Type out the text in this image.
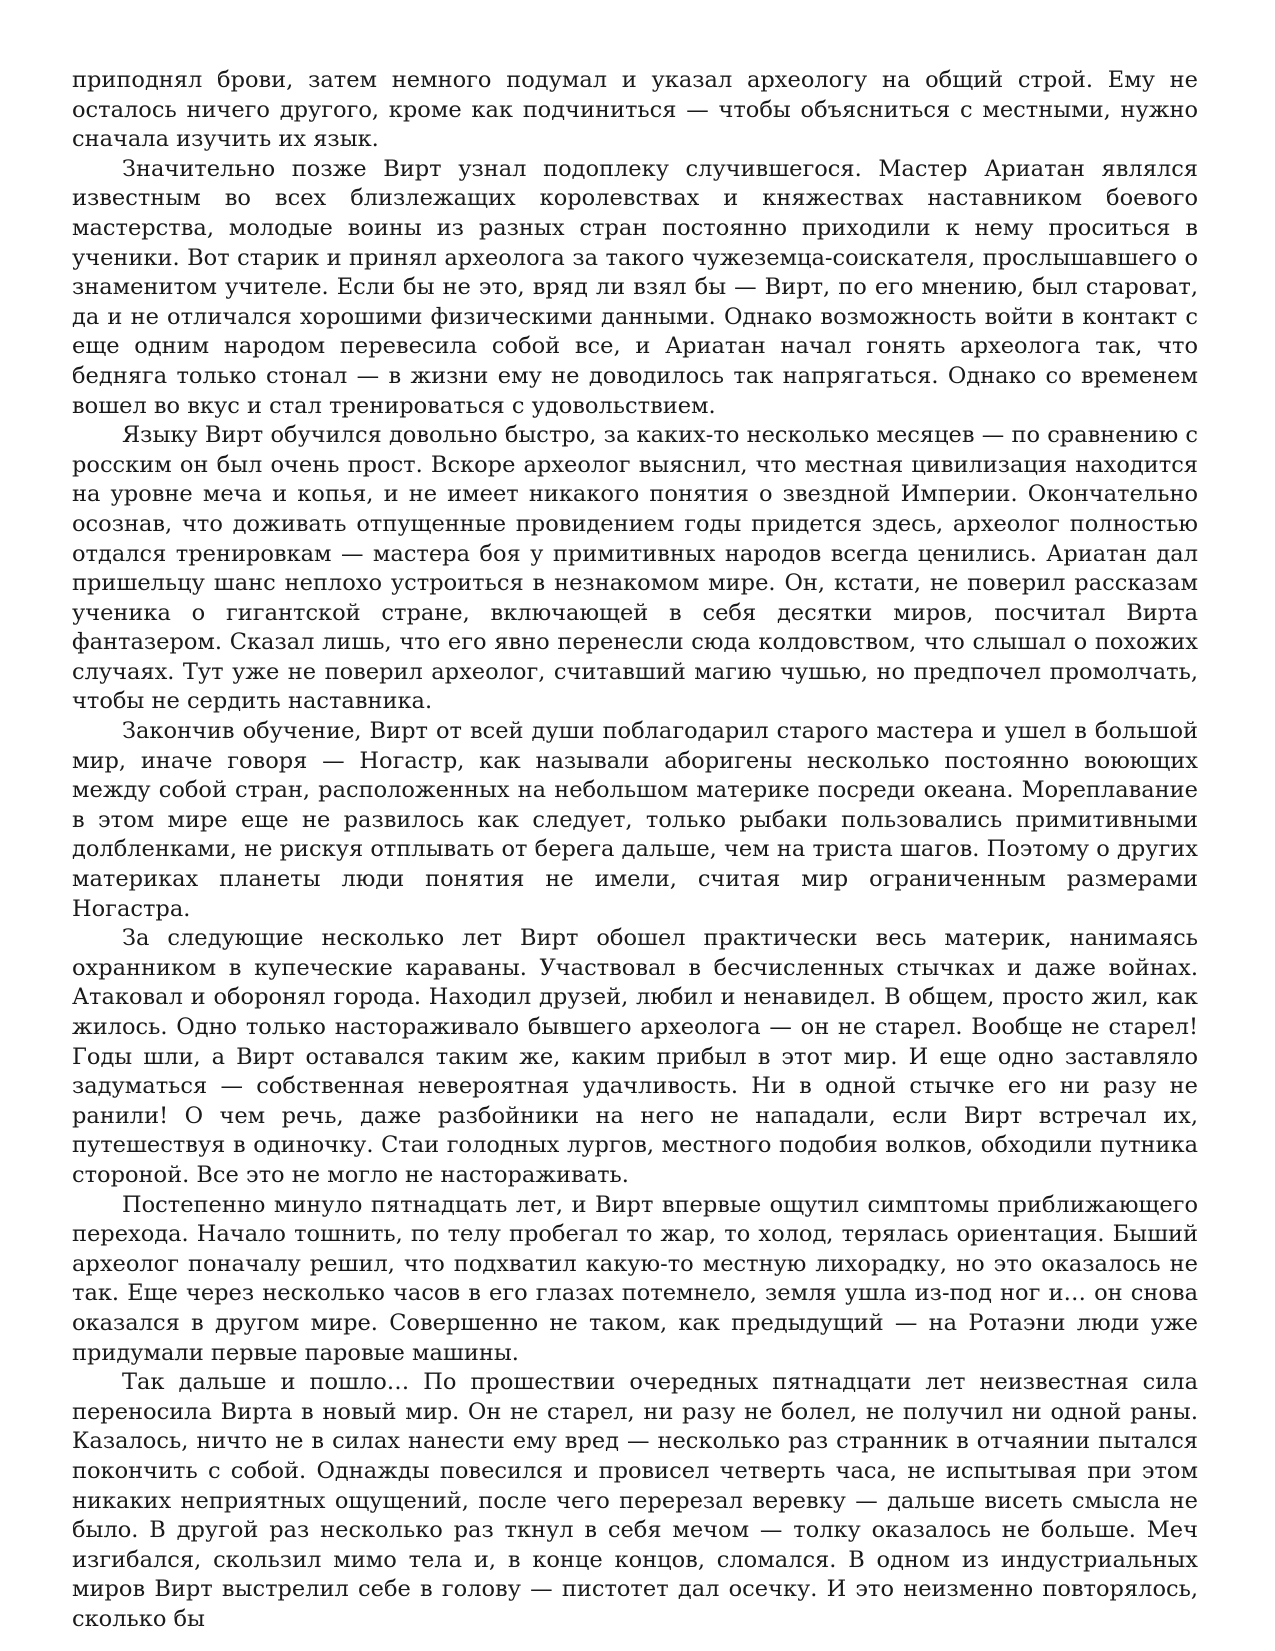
приподнял брови, затем немного подумал и указал археологу на общий строй. Ему не осталось ничего другого, кроме как подчиниться — чтобы объясниться с местными, нужно сначала изучить их язык.

Значительно позже Вирт узнал подоплеку случившегося. Мастер Ариатан являлся известным во всех близлежащих королевствах и княжествах наставником боевого мастерства, молодые воины из разных стран постоянно приходили к нему проситься в ученики. Вот старик и принял археолога за такого чужеземца-соискателя, прослышавшего о знаменитом учителе. Если бы не это, вряд ли взял бы — Вирт, по его мнению, был староват, да и не отличался хорошими физическими данными. Однако возможность войти в контакт с еще одним народом перевесила собой все, и Ариатан начал гонять археолога так, что бедняга только стонал — в жизни ему не доводилось так напрягаться. Однако со временем вошел во вкус и стал тренироваться с удовольствием.

Языку Вирт обучился довольно быстро, за каких-то несколько месяцев — по сравнению с росским он был очень прост. Вскоре археолог выяснил, что местная цивилизация находится на уровне меча и копья, и не имеет никакого понятия о звездной Империи. Окончательно осознав, что доживать отпущенные провидением годы придется здесь, археолог полностью отдался тренировкам — мастера боя у примитивных народов всегда ценились. Ариатан дал пришельцу шанс неплохо устроиться в незнакомом мире. Он, кстати, не поверил рассказам ученика о гигантской стране, включающей в себя десятки миров, посчитал Вирта фантазером. Сказал лишь, что его явно перенесли сюда колдовством, что слышал о похожих случаях. Тут уже не поверил археолог, считавший магию чушью, но предпочел промолчать, чтобы не сердить наставника.

Закончив обучение, Вирт от всей души поблагодарил старого мастера и ушел в большой мир, иначе говоря — Ногастр, как называли аборигены несколько постоянно воюющих между собой стран, расположенных на небольшом материке посреди океана. Мореплавание в этом мире еще не развилось как следует, только рыбаки пользовались примитивными долбленками, не рискуя отплывать от берега дальше, чем на триста шагов. Поэтому о других материках планеты люди понятия не имели, считая мир ограниченным размерами Ногастра.

За следующие несколько лет Вирт обошел практически весь материк, нанимаясь охранником в купеческие караваны. Участвовал в бесчисленных стычках и даже войнах. Атаковал и оборонял города. Находил друзей, любил и ненавидел. В общем, просто жил, как жилось. Одно только настораживало бывшего археолога — он не старел. Вообще не старел! Годы шли, а Вирт оставался таким же, каким прибыл в этот мир. И еще одно заставляло задуматься — собственная невероятная удачливость. Ни в одной стычке его ни разу не ранили! О чем речь, даже разбойники на него не нападали, если Вирт встречал их, путешествуя в одиночку. Стаи голодных лургов, местного подобия волков, обходили путника стороной. Все это не могло не настораживать.

Постепенно минуло пятнадцать лет, и Вирт впервые ощутил симптомы приближающего перехода. Начало тошнить, по телу пробегал то жар, то холод, терялась ориентация. Быший археолог поначалу решил, что подхватил какую-то местную лихорадку, но это оказалось не так. Еще через несколько часов в его глазах потемнело, земля ушла из-под ног и… он снова оказался в другом мире. Совершенно не таком, как предыдущий — на Ротаэни люди уже придумали первые паровые машины.

Так дальше и пошло… По прошествии очередных пятнадцати лет неизвестная сила переносила Вирта в новый мир. Он не старел, ни разу не болел, не получил ни одной раны. Казалось, ничто не в силах нанести ему вред — несколько раз странник в отчаянии пытался покончить с собой. Однажды повесился и провисел четверть часа, не испытывая при этом никаких неприятных ощущений, после чего перерезал веревку — дальше висеть смысла не было. В другой раз несколько раз ткнул в себя мечом — толку оказалось не больше. Меч изгибался, скользил мимо тела и, в конце концов, сломался. В одном из индустриальных миров Вирт выстрелил себе в голову — пистотет дал осечку. И это неизменно повторялось, сколько бы
